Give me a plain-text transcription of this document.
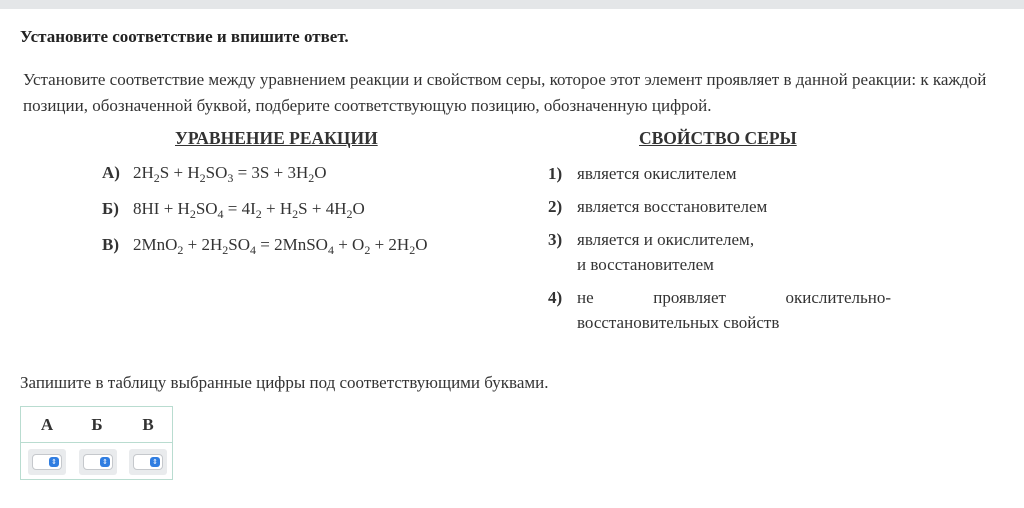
Установите соответствие и впишите ответ.
Установите соответствие между уравнением реакции и свойством серы, которое этот элемент проявляет в данной реакции: к каждой позиции, обозначенной буквой, подберите соответствующую позицию, обозначенную цифрой.
УРАВНЕНИЕ РЕАКЦИИ	СВОЙСТВО СЕРЫ
А) $2H_2S + H_2SO_3 = 3S + 3H_2O$
Б) $8HI + H_2SO_4 = 4I_2 + H_2S + 4H_2O$
В) $2MnO_2 + 2H_2SO_4$ = 2MnSO$_4$ + $O_2 + 2H_2O$
1) является окислителем
2) является восстановителем
3) является и окислителем,
и восстановителем
4) не	проявляет	окислительно-
восстановительных свойств
Запишите в таблицу выбранные цифры под соответствующими буквами.
А	Б	В
⇕	⇕	⇕
